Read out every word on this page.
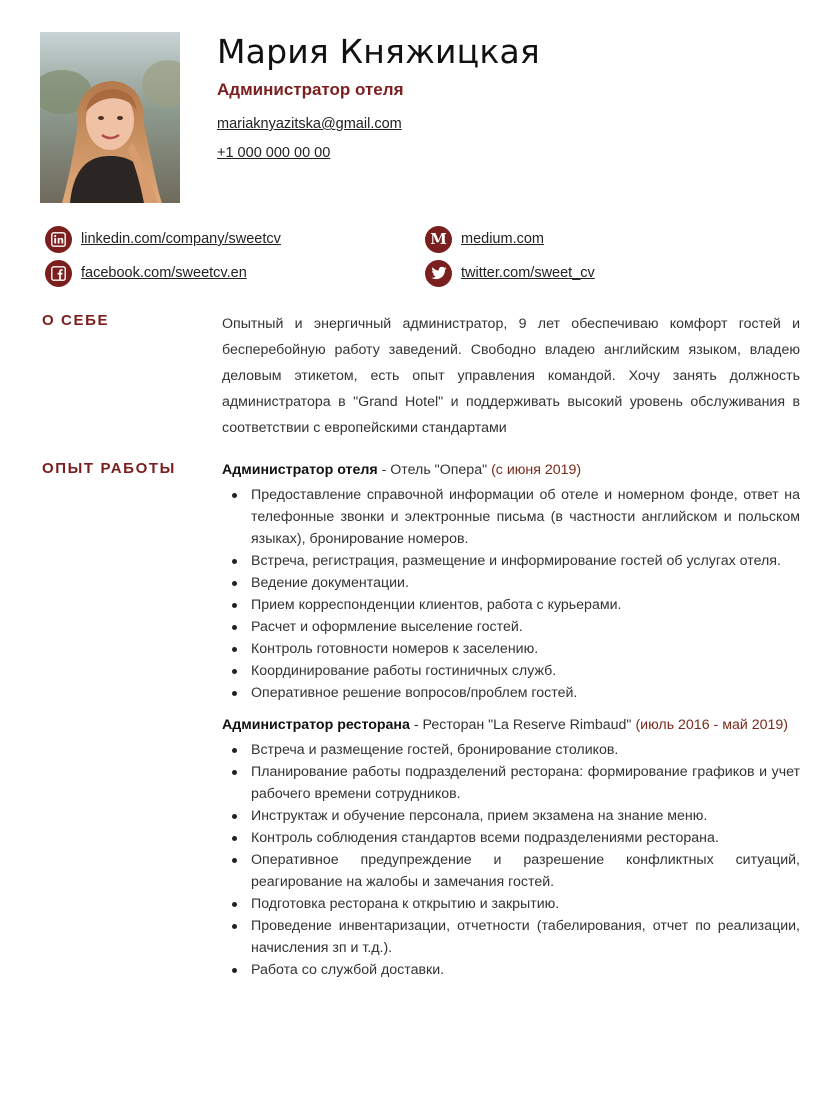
Мария Княжицкая
Администратор отеля
mariaknyazitska@gmail.com
+1 000 000 00 00
linkedin.com/company/sweetcv	M medium.com
facebook.com/sweetcv.en	twitter.com/sweet_cv
О СЕБЕ	Опытный и энергичный администратор, 9 лет обеспечиваю комфорт гостей и бесперебойную работу заведений. Свободно владею английским языком, владею деловым этикетом, есть опыт управления командой. Хочу занять должность администратора в "Grand Hotel" и поддерживать высокий уровень обслуживания в соответствии с европейскими стандартами

ОПЫТ РАБОТЫ	Администратор отеля - Отель "Опера" (с июня 2019)
Предоставление справочной информации об отеле и номерном фонде, ответ на телефонные звонки и электронные письма (в частности английском и польском языках), бронирование номеров.
Встреча, регистрация, размещение и информирование гостей об услугах отеля.
Ведение документации.
Прием корреспонденции клиентов, работа с курьерами.
Расчет и оформление выселение гостей.
Контроль готовности номеров к заселению.
Координирование работы гостиничных служб.
Оперативное решение вопросов/проблем гостей.
Администратор ресторана - Ресторан "La Reserve Rimbaud" (июль 2016 - май 2019)
Встреча и размещение гостей, бронирование столиков.
Планирование работы подразделений ресторана: формирование графиков и учет рабочего времени сотрудников.
Инструктаж и обучение персонала, прием экзамена на знание меню.
Контроль соблюдения стандартов всеми подразделениями ресторана.
Оперативное предупреждение и разрешение конфликтных ситуаций, реагирование на жалобы и замечания гостей.
Подготовка ресторана к открытию и закрытию.
Проведение инвентаризации, отчетности (табелирования, отчет по реализации, начисления зп и т.д.).
Работа со службой доставки.
